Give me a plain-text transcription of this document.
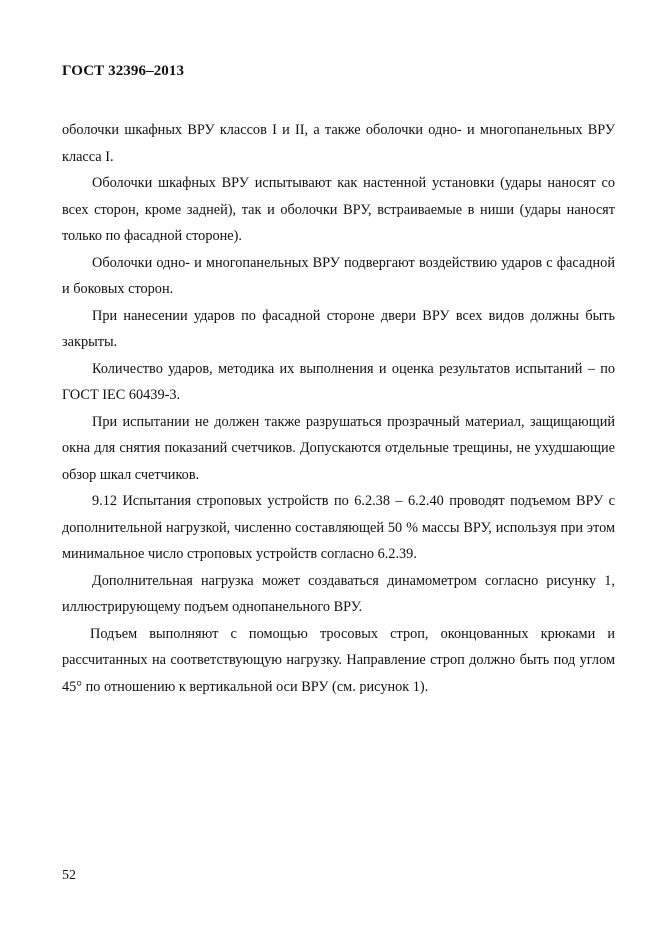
ГОСТ 32396–2013

оболочки шкафных ВРУ классов I и II, а также оболочки одно- и многопанельных ВРУ класса I.

Оболочки шкафных ВРУ испытывают как настенной установки (удары наносят со всех сторон, кроме задней), так и оболочки ВРУ, встраиваемые в ниши (удары наносят только по фасадной стороне).

Оболочки одно- и многопанельных ВРУ подвергают воздействию ударов с фасадной и боковых сторон.

При нанесении ударов по фасадной стороне двери ВРУ всех видов должны быть закрыты.

Количество ударов, методика их выполнения и оценка результатов испытаний – по ГОСТ IEC 60439-3.

При испытании не должен также разрушаться прозрачный материал, защищающий окна для снятия показаний счетчиков. Допускаются отдельные трещины, не ухудшающие обзор шкал счетчиков.

9.12 Испытания строповых устройств по 6.2.38 – 6.2.40 проводят подъемом ВРУ с дополнительной нагрузкой, численно составляющей 50 % массы ВРУ, используя при этом минимальное число строповых устройств согласно 6.2.39.

Дополнительная нагрузка может создаваться динамометром согласно рисунку 1, иллюстрирующему подъем однопанельного ВРУ.

Подъем выполняют с помощью тросовых строп, оконцованных крюками и рассчитанных на соответствующую нагрузку. Направление строп должно быть под углом 45° по отношению к вертикальной оси ВРУ (см. рисунок 1).

52
